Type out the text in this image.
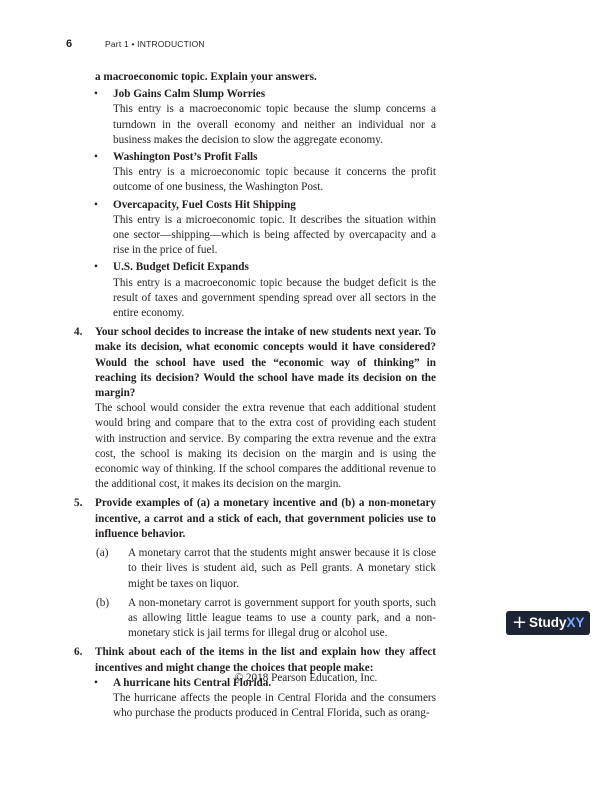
6	Part 1 • INTRODUCTION

a macroeconomic topic. Explain your answers.

• Job Gains Calm Slump Worries

This entry is a macroeconomic topic because the slump concerns a turndown in the overall economy and neither an individual nor a business makes the decision to slow the aggregate economy.

• Washington Post’s Profit Falls

This entry is a microeconomic topic because it concerns the profit outcome of one business, the Washington Post.

• Overcapacity, Fuel Costs Hit Shipping

This entry is a microeconomic topic. It describes the situation within one sector—shipping—which is being affected by overcapacity and a rise in the price of fuel.

• U.S. Budget Deficit Expands

This entry is a macroeconomic topic because the budget deficit is the result of taxes and government spending spread over all sectors in the entire economy.

4. Your school decides to increase the intake of new students next year. To make its decision, what economic concepts would it have considered? Would the school have used the “economic way of thinking” in reaching its decision? Would the school have made its decision on the margin?

The school would consider the extra revenue that each additional student would bring and compare that to the extra cost of providing each student with instruction and service. By comparing the extra revenue and the extra cost, the school is making its decision on the margin and is using the economic way of thinking. If the school compares the additional revenue to the additional cost, it makes its decision on the margin.

5. Provide examples of (a) a monetary incentive and (b) a non-monetary incentive, a carrot and a stick of each, that government policies use to influence behavior.

(a) A monetary carrot that the students might answer because it is close to their lives is student aid, such as Pell grants. A monetary stick might be taxes on liquor.

(b) A non-monetary carrot is government support for youth sports, such as allowing little league teams to use a county park, and a non-monetary stick is jail terms for illegal drug or alcohol use.

6. Think about each of the items in the list and explain how they affect incentives and might change the choices that people make:

• A hurricane hits Central Florida.

The hurricane affects the people in Central Florida and the consumers who purchase the products produced in Central Florida, such as orang-

+ StudyXY
© 2018 Pearson Education, Inc.
